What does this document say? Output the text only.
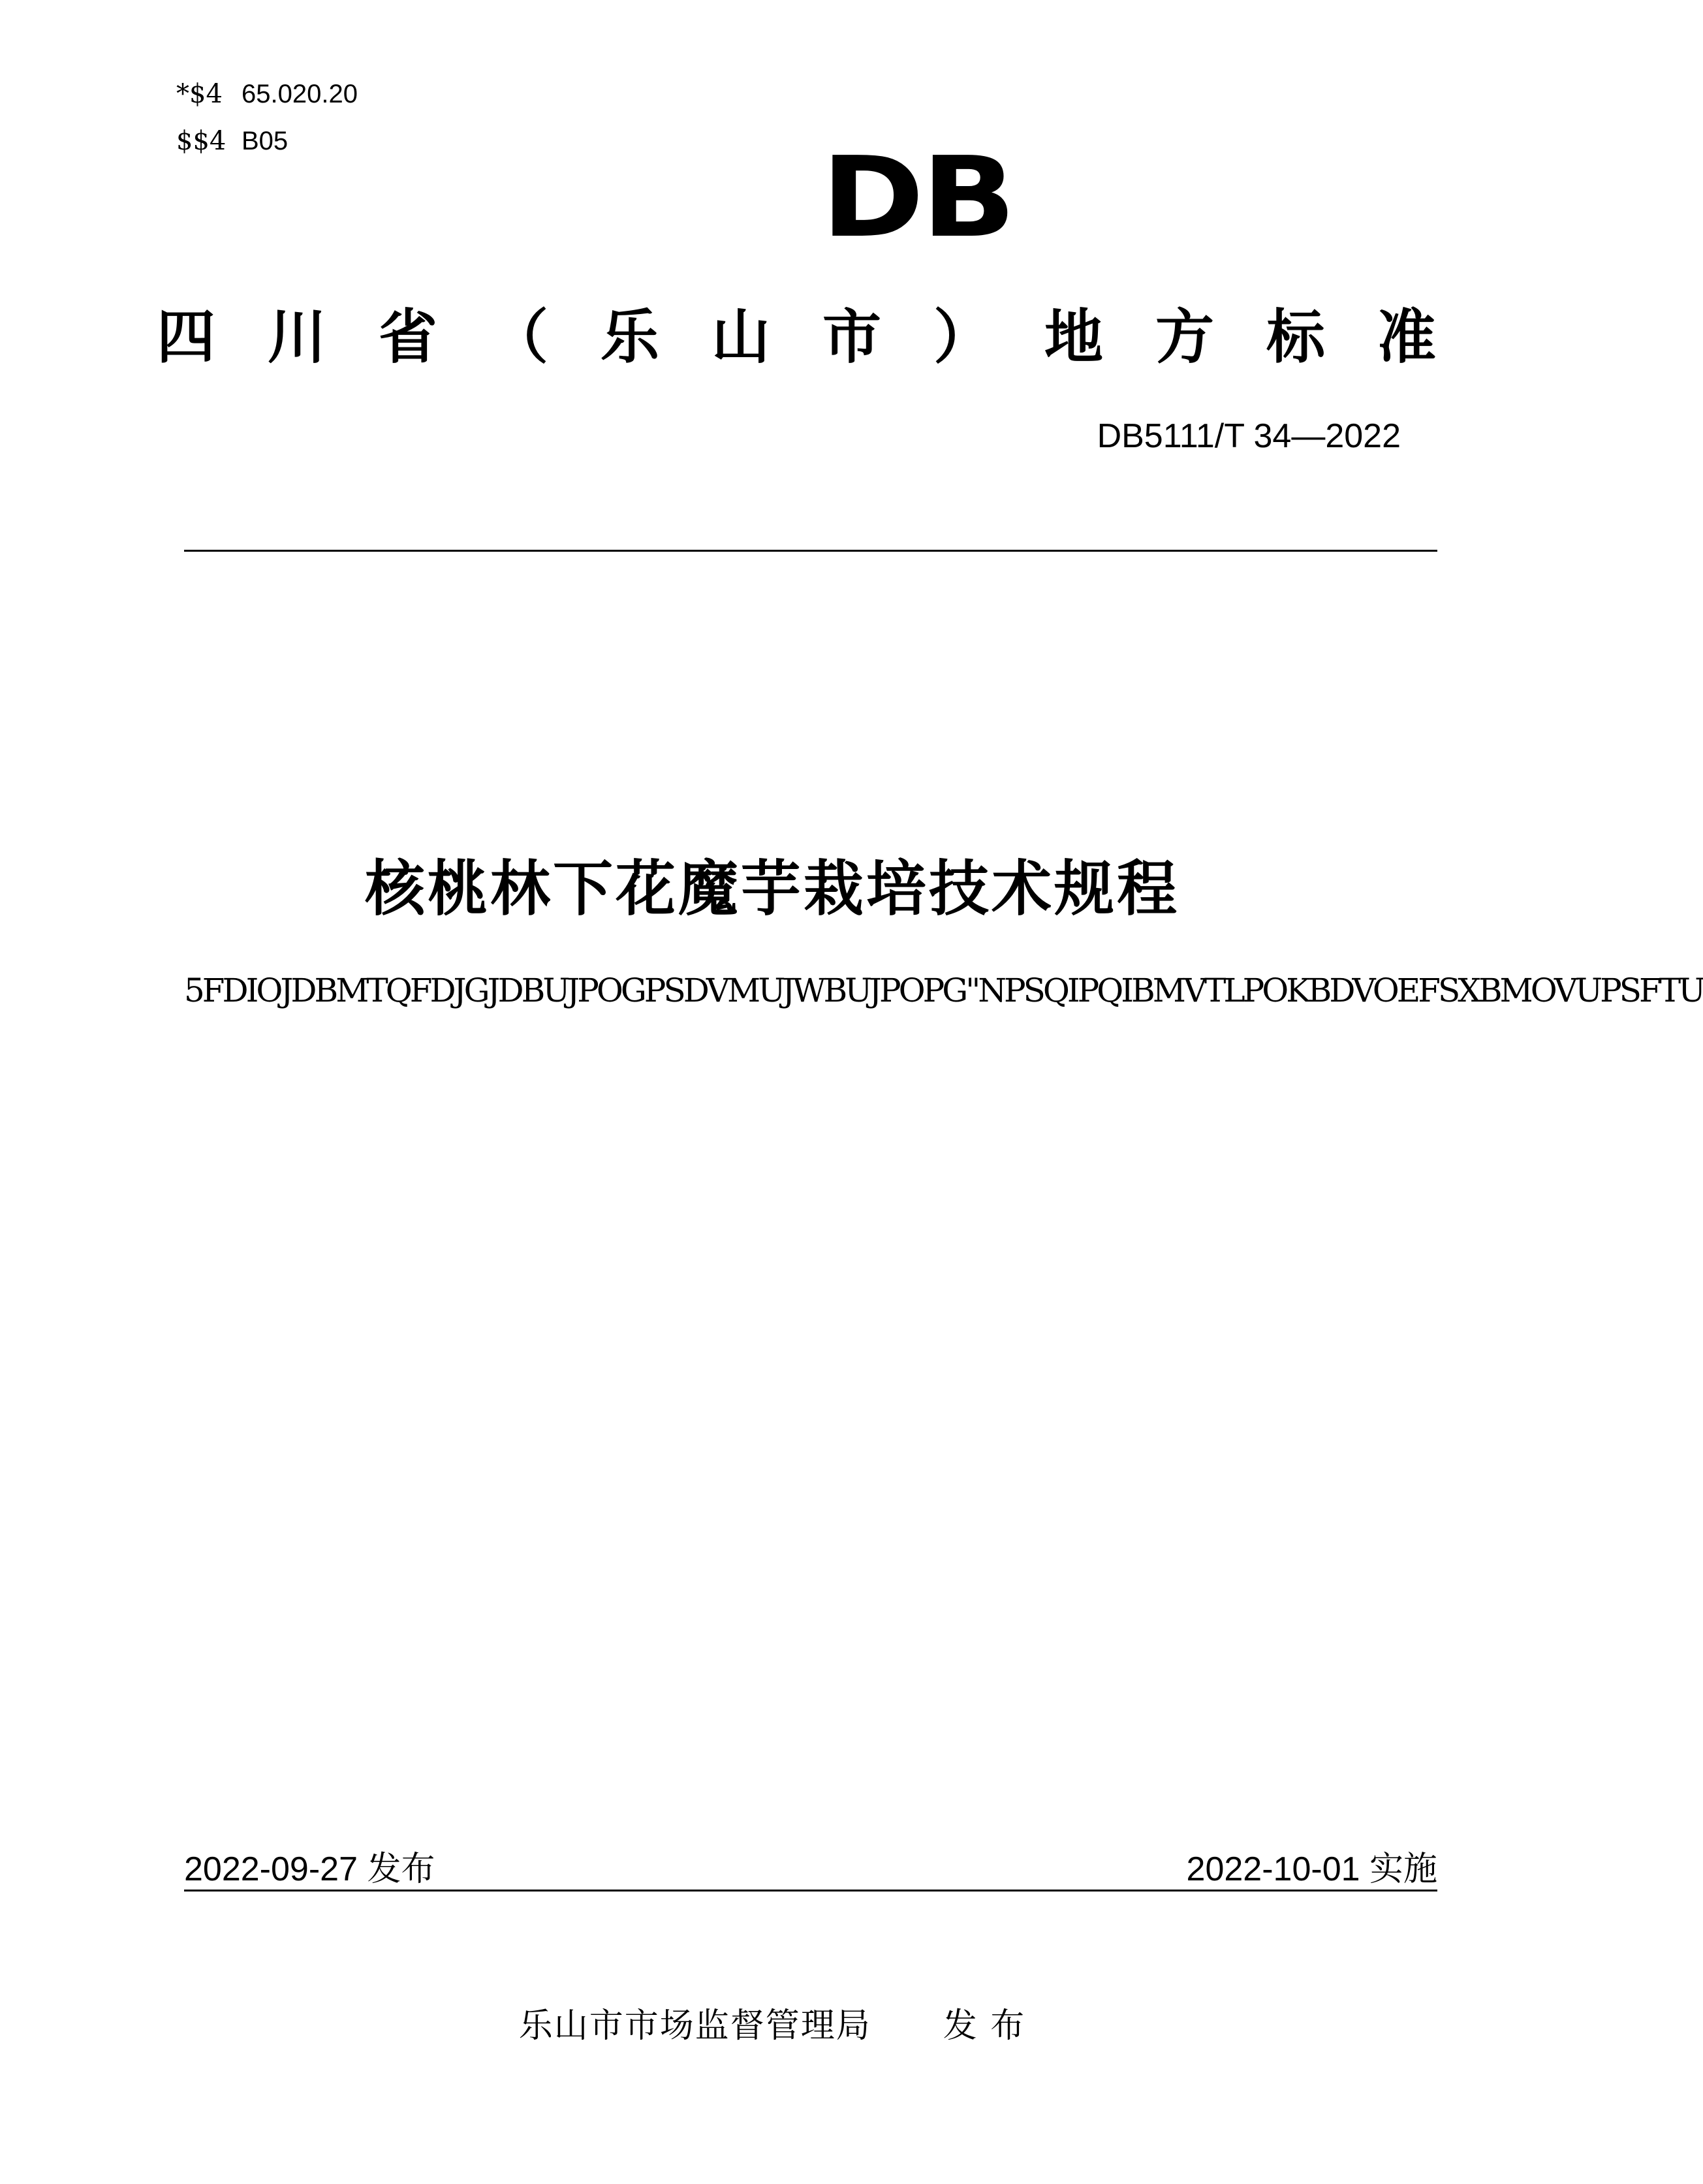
*$4 65.020.20
$$4 B05	DB
四 川 省 （ 乐 山 市 ） 地 方 标 准
DB5111/T 34—2022
核桃林下花魔芋栽培技术规程
5FDIOJDBMTQFDJGJDBUJPOGPSDVMUJWBUJPOPG"NPSQIPQIBMVTLPOKBDVOEFSXBMOVUPSFTU
2022-09-27 发布	2022-10-01 实施
乐山市市场监督管理局 发 布
